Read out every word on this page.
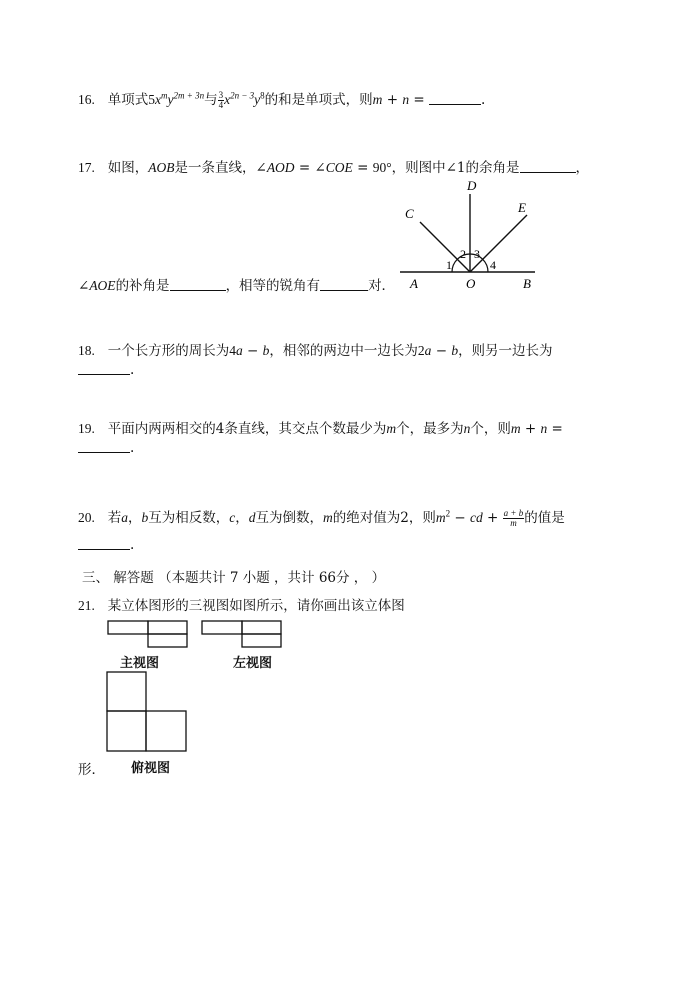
16. 单项式$5x^my^{2m + 3n}$与 $\frac{3}{4} x^{2n - 3}y^8$的和是单项式，则m + n =	.
17. 如图，AOB是一条直线，∠AOD = ∠COE = 90°，则图中∠1的余角是	，
∠AOE的补角是	，相等的锐角有	对．
D
C	E
A	O	B
1
2 3
4
18. 一个长方形的周长为4a − b，相邻的两边中一边长为2a − b，则另一边长为
.
19. 平面内两两相交的4条直线，其交点个数最少为m个，最多为n个，则m + n =
.
20. 若a，b互为相反数，c，d互为倒数，m的绝对值为2，则$m^2$ − cd + $\frac{a + b}{m}$ 的值是
.
三、 解答题 （本题共计 7 小题 ，共计 66分 ， ）
21. 某立体图形的三视图如图所示，请你画出该立体图
主视图	左视图
形． 俯视图
